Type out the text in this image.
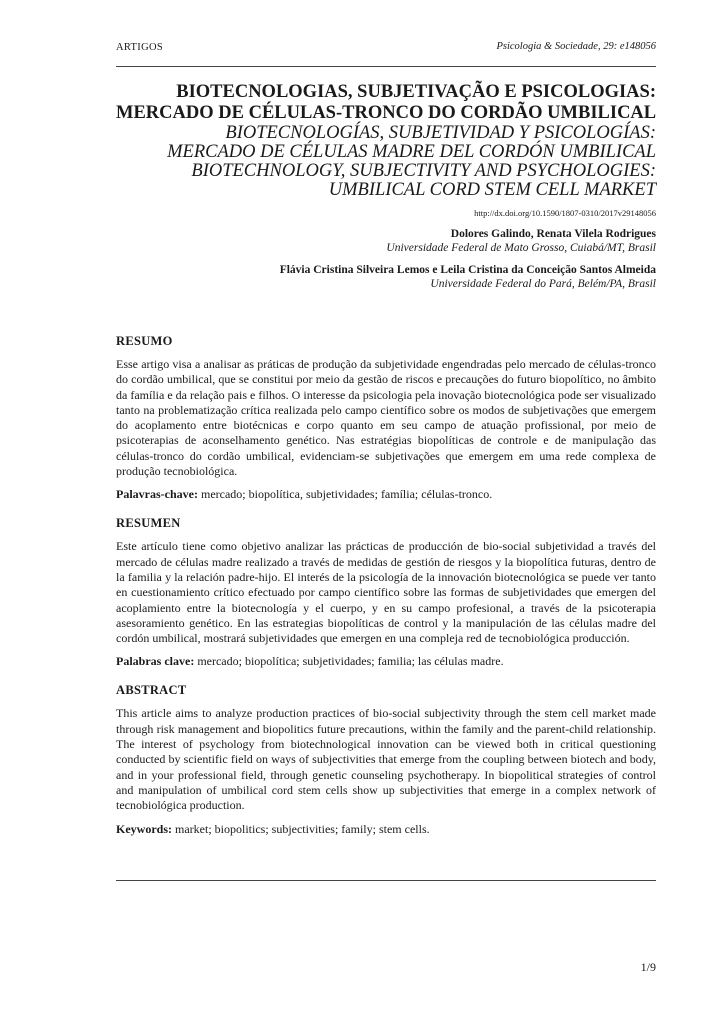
ARTIGOS	Psicologia & Sociedade, 29: e148056
BIOTECNOLOGIAS, SUBJETIVAÇÃO E PSICOLOGIAS:
MERCADO DE CÉLULAS-TRONCO DO CORDÃO UMBILICAL
BIOTECNOLOGÍAS, SUBJETIVIDAD Y PSICOLOGÍAS:
MERCADO DE CÉLULAS MADRE DEL CORDÓN UMBILICAL
BIOTECHNOLOGY, SUBJECTIVITY AND PSYCHOLOGIES:
UMBILICAL CORD STEM CELL MARKET
http://dx.doi.org/10.1590/1807-0310/2017v29148056
Dolores Galindo, Renata Vilela Rodrigues
Universidade Federal de Mato Grosso, Cuiabá/MT, Brasil
Flávia Cristina Silveira Lemos e Leila Cristina da Conceição Santos Almeida
Universidade Federal do Pará, Belém/PA, Brasil
RESUMO

Esse artigo visa a analisar as práticas de produção da subjetividade engendradas pelo mercado de células-tronco do cordão umbilical, que se constitui por meio da gestão de riscos e precauções do futuro biopolítico, no âmbito da família e da relação pais e filhos. O interesse da psicologia pela inovação biotecnológica pode ser visualizado tanto na problematização crítica realizada pelo campo científico sobre os modos de subjetivações que emergem do acoplamento entre biotécnicas e corpo quanto em seu campo de atuação profissional, por meio de psicoterapias de aconselhamento genético. Nas estratégias biopolíticas de controle e de manipulação das células-tronco do cordão umbilical, evidenciam-se subjetivações que emergem em uma rede complexa de produção tecnobiológica.

Palavras-chave: mercado; biopolítica, subjetividades; família; células-tronco.

RESUMEN

Este artículo tiene como objetivo analizar las prácticas de producción de bio-social subjetividad a través del mercado de células madre realizado a través de medidas de gestión de riesgos y la biopolítica futuras, dentro de la familia y la relación padre-hijo. El interés de la psicología de la innovación biotecnológica se puede ver tanto en cuestionamiento crítico efectuado por campo científico sobre las formas de subjetividades que emergen del acoplamiento entre la biotecnología y el cuerpo, y en su campo profesional, a través de la psicoterapia asesoramiento genético. En las estrategias biopolíticas de control y la manipulación de las células madre del cordón umbilical, mostrará subjetividades que emergen en una compleja red de tecnobiológica producción.

Palabras clave: mercado; biopolítica; subjetividades; familia; las células madre.

ABSTRACT

This article aims to analyze production practices of bio-social subjectivity through the stem cell market made through risk management and biopolitics future precautions, within the family and the parent-child relationship. The interest of psychology from biotechnological innovation can be viewed both in critical questioning conducted by scientific field on ways of subjectivities that emerge from the coupling between biotech and body, and in your professional field, through genetic counseling psychotherapy. In biopolitical strategies of control and manipulation of umbilical cord stem cells show up subjectivities that emerge in a complex network of tecnobiológica production.

Keywords: market; biopolitics; subjectivities; family; stem cells.

1/9
